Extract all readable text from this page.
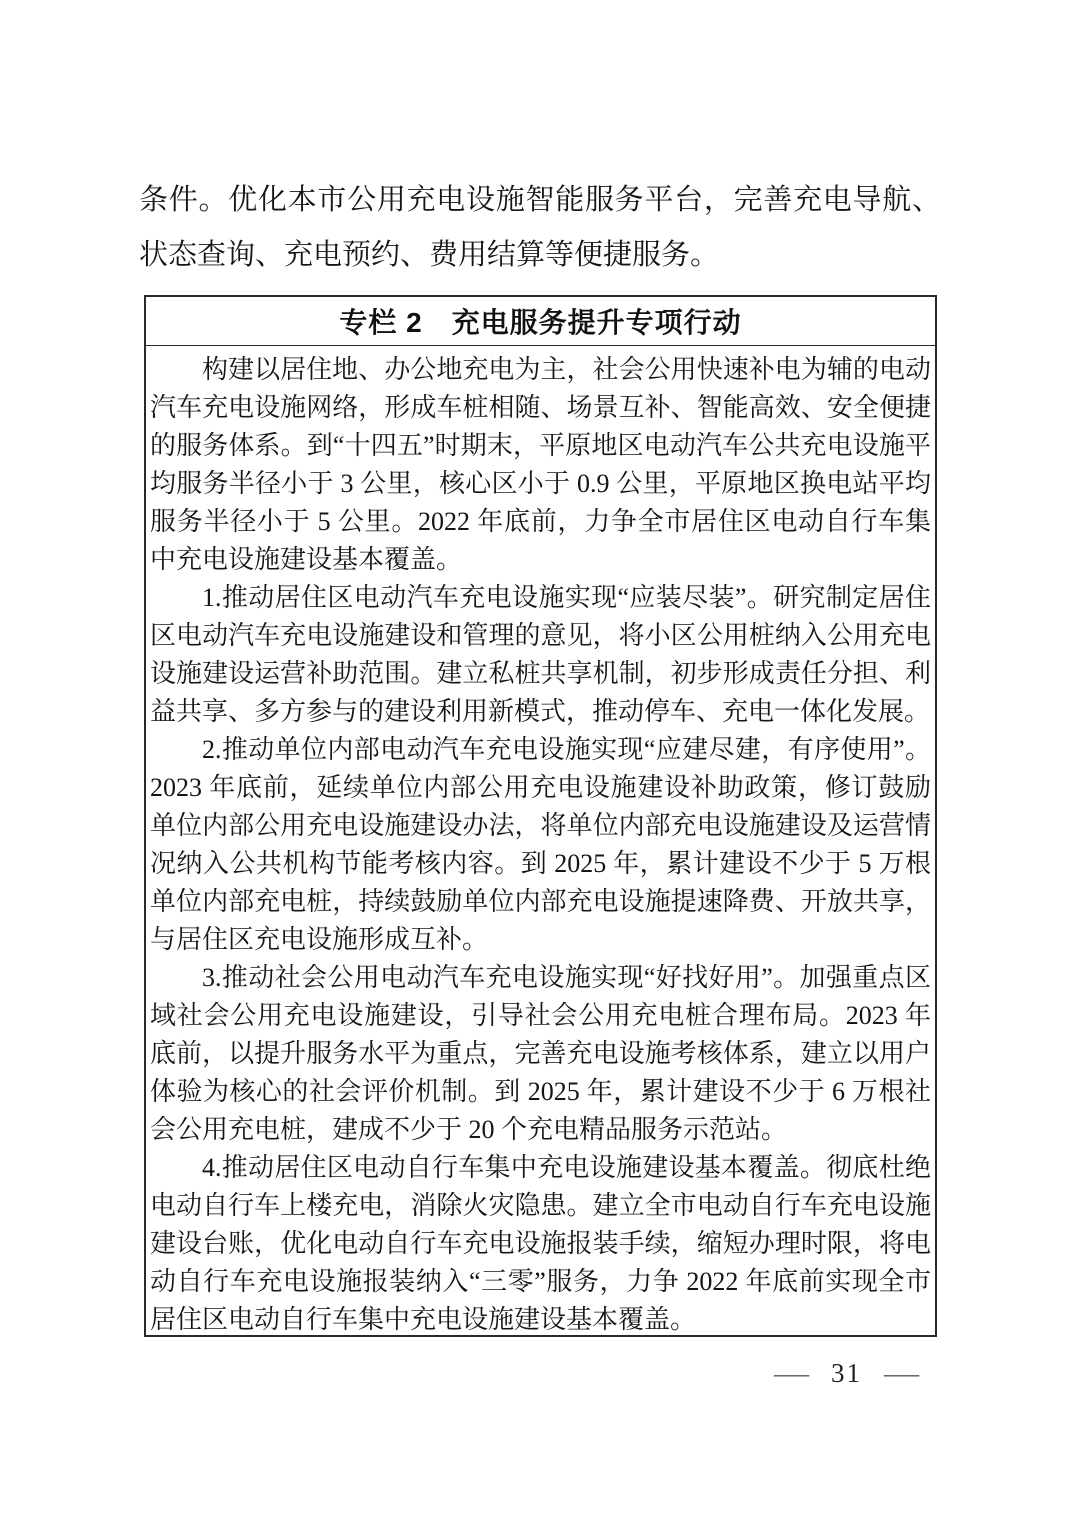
条件。优化本市公用充电设施智能服务平台，完善充电导航、状态查询、充电预约、费用结算等便捷服务。

专栏 2　充电服务提升专项行动

构建以居住地、办公地充电为主，社会公用快速补电为辅的电动汽车充电设施网络，形成车桩相随、场景互补、智能高效、安全便捷的服务体系。到“十四五”时期末，平原地区电动汽车公共充电设施平均服务半径小于 3 公里，核心区小于 0.9 公里，平原地区换电站平均服务半径小于 5 公里。2022 年底前，力争全市居住区电动自行车集中充电设施建设基本覆盖。

1.推动居住区电动汽车充电设施实现“应装尽装”。研究制定居住区电动汽车充电设施建设和管理的意见，将小区公用桩纳入公用充电设施建设运营补助范围。建立私桩共享机制，初步形成责任分担、利益共享、多方参与的建设利用新模式，推动停车、充电一体化发展。

2.推动单位内部电动汽车充电设施实现“应建尽建，有序使用”。2023 年底前，延续单位内部公用充电设施建设补助政策，修订鼓励单位内部公用充电设施建设办法，将单位内部充电设施建设及运营情况纳入公共机构节能考核内容。到 2025 年，累计建设不少于 5 万根单位内部充电桩，持续鼓励单位内部充电设施提速降费、开放共享，与居住区充电设施形成互补。

3.推动社会公用电动汽车充电设施实现“好找好用”。加强重点区域社会公用充电设施建设，引导社会公用充电桩合理布局。2023 年底前，以提升服务水平为重点，完善充电设施考核体系，建立以用户体验为核心的社会评价机制。到 2025 年，累计建设不少于 6 万根社会公用充电桩，建成不少于 20 个充电精品服务示范站。

4.推动居住区电动自行车集中充电设施建设基本覆盖。彻底杜绝电动自行车上楼充电，消除火灾隐患。建立全市电动自行车充电设施建设台账，优化电动自行车充电设施报装手续，缩短办理时限，将电动自行车充电设施报装纳入“三零”服务，力争 2022 年底前实现全市居住区电动自行车集中充电设施建设基本覆盖。

— 31 —
